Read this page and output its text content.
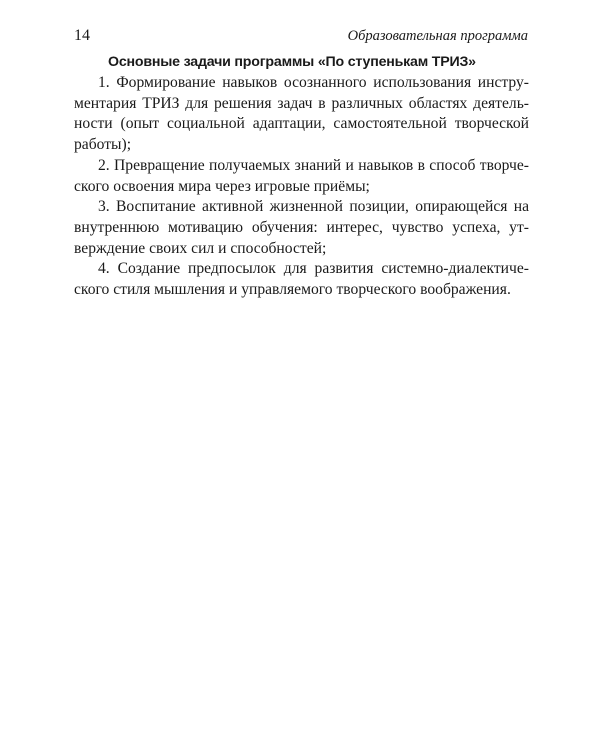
14	Образовательная программа

Основные задачи программы «По ступенькам ТРИЗ»

1. Формирование навыков осознанного использования инстру-

ментария ТРИЗ для решения задач в различных областях деятель-

ности (опыт социальной адаптации, самостоятельной творческой

работы);

2. Превращение получаемых знаний и навыков в способ творче-

ского освоения мира через игровые приёмы;

3. Воспитание активной жизненной позиции, опирающейся на

внутреннюю мотивацию обучения: интерес, чувство успеха, ут-

верждение своих сил и способностей;

4. Создание предпосылок для развития системно-диалектиче-

ского стиля мышления и управляемого творческого воображения.
